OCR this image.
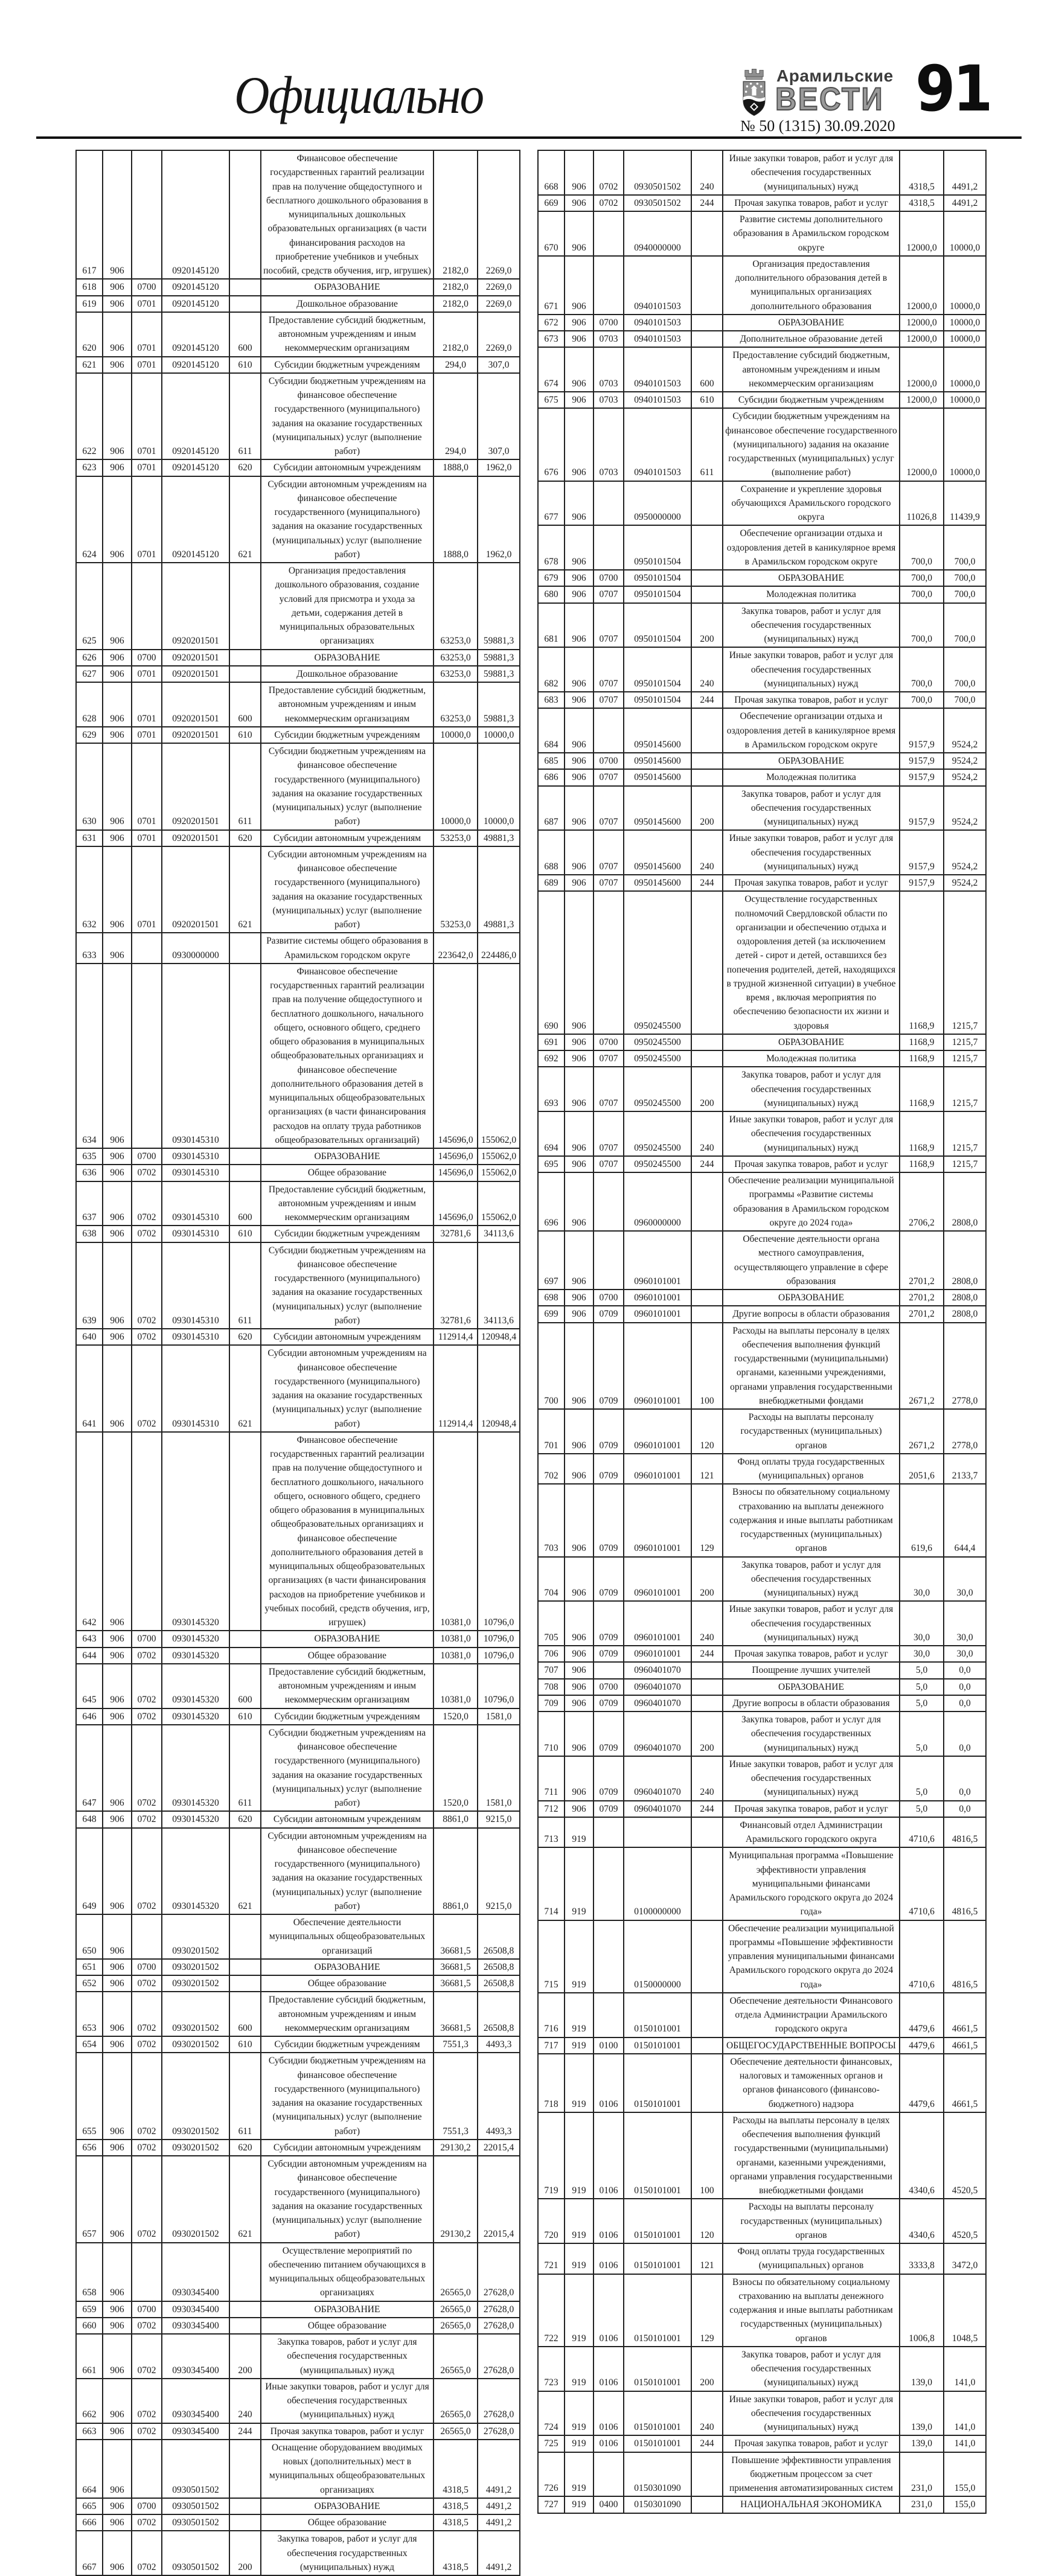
Официально	Арамильские
ВЕСТИ
№ 50 (1315) 30.09.2020
91
617	906		0920145120		Финансовое обеспечение государственных гарантий реализации прав на получение общедоступного и бесплатного дошкольного образования в муниципальных дошкольных образовательных организациях (в части финансирования расходов на приобретение учебников и учебных пособий, средств обучения, игр, игрушек)	2182,0	2269,0
618	906	0700	0920145120		ОБРАЗОВАНИЕ	2182,0	2269,0
619	906	0701	0920145120		Дошкольное образование	2182,0	2269,0
620	906	0701	0920145120	600	Предоставление субсидий бюджетным, автономным учреждениям и иным некоммерческим организациям	2182,0	2269,0
621	906	0701	0920145120	610	Субсидии бюджетным учреждениям	294,0	307,0
622	906	0701	0920145120	611	Субсидии бюджетным учреждениям на финансовое обеспечение государственного (муниципального) задания на оказание государственных (муниципальных) услуг (выполнение работ)	294,0	307,0
623	906	0701	0920145120	620	Субсидии автономным учреждениям	1888,0	1962,0
624	906	0701	0920145120	621	Субсидии автономным учреждениям на финансовое обеспечение государственного (муниципального) задания на оказание государственных (муниципальных) услуг (выполнение работ)	1888,0	1962,0
625	906		0920201501		Организация предоставления дошкольного образования, создание условий для присмотра и ухода за детьми, содержания детей в муниципальных образовательных организациях	63253,0	59881,3
626	906	0700	0920201501		ОБРАЗОВАНИЕ	63253,0	59881,3
627	906	0701	0920201501		Дошкольное образование	63253,0	59881,3
628	906	0701	0920201501	600	Предоставление субсидий бюджетным, автономным учреждениям и иным некоммерческим организациям	63253,0	59881,3
629	906	0701	0920201501	610	Субсидии бюджетным учреждениям	10000,0	10000,0
630	906	0701	0920201501	611	Субсидии бюджетным учреждениям на финансовое обеспечение государственного (муниципального) задания на оказание государственных (муниципальных) услуг (выполнение работ)	10000,0	10000,0
631	906	0701	0920201501	620	Субсидии автономным учреждениям	53253,0	49881,3
632	906	0701	0920201501	621	Субсидии автономным учреждениям на финансовое обеспечение государственного (муниципального) задания на оказание государственных (муниципальных) услуг (выполнение работ)	53253,0	49881,3
633	906		0930000000		Развитие системы общего образования в Арамильском городском округе	223642,0	224486,0
634	906		0930145310		Финансовое обеспечение государственных гарантий реализации прав на получение общедоступного и бесплатного дошкольного, начального общего, основного общего, среднего общего образования в муниципальных общеобразовательных организациях и финансовое обеспечение дополнительного образования детей в муниципальных общеобразовательных организациях (в части финансирования расходов на оплату труда работников общеобразовательных организаций)	145696,0	155062,0
635	906	0700	0930145310		ОБРАЗОВАНИЕ	145696,0	155062,0
636	906	0702	0930145310		Общее образование	145696,0	155062,0
637	906	0702	0930145310	600	Предоставление субсидий бюджетным, автономным учреждениям и иным некоммерческим организациям	145696,0	155062,0
638	906	0702	0930145310	610	Субсидии бюджетным учреждениям	32781,6	34113,6
639	906	0702	0930145310	611	Субсидии бюджетным учреждениям на финансовое обеспечение государственного (муниципального) задания на оказание государственных (муниципальных) услуг (выполнение работ)	32781,6	34113,6
640	906	0702	0930145310	620	Субсидии автономным учреждениям	112914,4	120948,4
641	906	0702	0930145310	621	Субсидии автономным учреждениям на финансовое обеспечение государственного (муниципального) задания на оказание государственных (муниципальных) услуг (выполнение работ)	112914,4	120948,4
642	906		0930145320		Финансовое обеспечение государственных гарантий реализации прав на получение общедоступного и бесплатного дошкольного, начального общего, основного общего, среднего общего образования в муниципальных общеобразовательных организациях и финансовое обеспечение дополнительного образования детей в муниципальных общеобразовательных организациях (в части финансирования расходов на приобретение учебников и учебных пособий, средств обучения, игр, игрушек)	10381,0	10796,0
643	906	0700	0930145320		ОБРАЗОВАНИЕ	10381,0	10796,0
644	906	0702	0930145320		Общее образование	10381,0	10796,0
645	906	0702	0930145320	600	Предоставление субсидий бюджетным, автономным учреждениям и иным некоммерческим организациям	10381,0	10796,0
646	906	0702	0930145320	610	Субсидии бюджетным учреждениям	1520,0	1581,0
647	906	0702	0930145320	611	Субсидии бюджетным учреждениям на финансовое обеспечение государственного (муниципального) задания на оказание государственных (муниципальных) услуг (выполнение работ)	1520,0	1581,0
648	906	0702	0930145320	620	Субсидии автономным учреждениям	8861,0	9215,0
649	906	0702	0930145320	621	Субсидии автономным учреждениям на финансовое обеспечение государственного (муниципального) задания на оказание государственных (муниципальных) услуг (выполнение работ)	8861,0	9215,0
650	906		0930201502		Обеспечение деятельности муниципальных общеобразовательных организаций	36681,5	26508,8
651	906	0700	0930201502		ОБРАЗОВАНИЕ	36681,5	26508,8
652	906	0702	0930201502		Общее образование	36681,5	26508,8
653	906	0702	0930201502	600	Предоставление субсидий бюджетным, автономным учреждениям и иным некоммерческим организациям	36681,5	26508,8
654	906	0702	0930201502	610	Субсидии бюджетным учреждениям	7551,3	4493,3
655	906	0702	0930201502	611	Субсидии бюджетным учреждениям на финансовое обеспечение государственного (муниципального) задания на оказание государственных (муниципальных) услуг (выполнение работ)	7551,3	4493,3
656	906	0702	0930201502	620	Субсидии автономным учреждениям	29130,2	22015,4
657	906	0702	0930201502	621	Субсидии автономным учреждениям на финансовое обеспечение государственного (муниципального) задания на оказание государственных (муниципальных) услуг (выполнение работ)	29130,2	22015,4
658	906		0930345400		Осуществление мероприятий по обеспечению питанием обучающихся в муниципальных общеобразовательных организациях	26565,0	27628,0
659	906	0700	0930345400		ОБРАЗОВАНИЕ	26565,0	27628,0
660	906	0702	0930345400		Общее образование	26565,0	27628,0
661	906	0702	0930345400	200	Закупка товаров, работ и услуг для обеспечения государственных (муниципальных) нужд	26565,0	27628,0
662	906	0702	0930345400	240	Иные закупки товаров, работ и услуг для обеспечения государственных (муниципальных) нужд	26565,0	27628,0
663	906	0702	0930345400	244	Прочая закупка товаров, работ и услуг	26565,0	27628,0
664	906		0930501502		Оснащение оборудованием вводимых новых (дополнительных) мест в муниципальных общеобразовательных организациях	4318,5	4491,2
665	906	0700	0930501502		ОБРАЗОВАНИЕ	4318,5	4491,2
666	906	0702	0930501502		Общее образование	4318,5	4491,2
667	906	0702	0930501502	200	Закупка товаров, работ и услуг для обеспечения государственных (муниципальных) нужд	4318,5	4491,2
668	906	0702	0930501502	240	Иные закупки товаров, работ и услуг для обеспечения государственных (муниципальных) нужд	4318,5	4491,2
669	906	0702	0930501502	244	Прочая закупка товаров, работ и услуг	4318,5	4491,2
670	906		0940000000		Развитие системы дополнительного образования в Арамильском городском округе	12000,0	10000,0
671	906		0940101503		Организация предоставления дополнительного образования детей в муниципальных организациях дополнительного образования	12000,0	10000,0
672	906	0700	0940101503		ОБРАЗОВАНИЕ	12000,0	10000,0
673	906	0703	0940101503		Дополнительное образование детей	12000,0	10000,0
674	906	0703	0940101503	600	Предоставление субсидий бюджетным, автономным учреждениям и иным некоммерческим организациям	12000,0	10000,0
675	906	0703	0940101503	610	Субсидии бюджетным учреждениям	12000,0	10000,0
676	906	0703	0940101503	611	Субсидии бюджетным учреждениям на финансовое обеспечение государственного (муниципального) задания на оказание государственных (муниципальных) услуг (выполнение работ)	12000,0	10000,0
677	906		0950000000		Сохранение и укрепление здоровья обучающихся Арамильского городского округа	11026,8	11439,9
678	906		0950101504		Обеспечение организации отдыха и оздоровления детей в каникулярное время в Арамильском городском округе	700,0	700,0
679	906	0700	0950101504		ОБРАЗОВАНИЕ	700,0	700,0
680	906	0707	0950101504		Молодежная политика	700,0	700,0
681	906	0707	0950101504	200	Закупка товаров, работ и услуг для обеспечения государственных (муниципальных) нужд	700,0	700,0
682	906	0707	0950101504	240	Иные закупки товаров, работ и услуг для обеспечения государственных (муниципальных) нужд	700,0	700,0
683	906	0707	0950101504	244	Прочая закупка товаров, работ и услуг	700,0	700,0
684	906		0950145600		Обеспечение организации отдыха и оздоровления детей в каникулярное время в Арамильском городском округе	9157,9	9524,2
685	906	0700	0950145600		ОБРАЗОВАНИЕ	9157,9	9524,2
686	906	0707	0950145600		Молодежная политика	9157,9	9524,2
687	906	0707	0950145600	200	Закупка товаров, работ и услуг для обеспечения государственных (муниципальных) нужд	9157,9	9524,2
688	906	0707	0950145600	240	Иные закупки товаров, работ и услуг для обеспечения государственных (муниципальных) нужд	9157,9	9524,2
689	906	0707	0950145600	244	Прочая закупка товаров, работ и услуг	9157,9	9524,2
690	906		0950245500		Осуществление государственных полномочий Свердловской области по организации и обеспечению отдыха и оздоровления детей (за исключением детей - сирот и детей, оставшихся без попечения родителей, детей, находящихся в трудной жизненной ситуации) в учебное время , включая мероприятия по обеспечению безопасности их жизни и здоровья	1168,9	1215,7
691	906	0700	0950245500		ОБРАЗОВАНИЕ	1168,9	1215,7
692	906	0707	0950245500		Молодежная политика	1168,9	1215,7
693	906	0707	0950245500	200	Закупка товаров, работ и услуг для обеспечения государственных (муниципальных) нужд	1168,9	1215,7
694	906	0707	0950245500	240	Иные закупки товаров, работ и услуг для обеспечения государственных (муниципальных) нужд	1168,9	1215,7
695	906	0707	0950245500	244	Прочая закупка товаров, работ и услуг	1168,9	1215,7
696	906		0960000000		Обеспечение реализации муниципальной программы «Развитие системы образования в Арамильском городском округе до 2024 года»	2706,2	2808,0
697	906		0960101001		Обеспечение деятельности органа местного самоуправления, осуществляющего управление в сфере образования	2701,2	2808,0
698	906	0700	0960101001		ОБРАЗОВАНИЕ	2701,2	2808,0
699	906	0709	0960101001		Другие вопросы в области образования	2701,2	2808,0
700	906	0709	0960101001	100	Расходы на выплаты персоналу в целях обеспечения выполнения функций государственными (муниципальными) органами, казенными учреждениями, органами управления государственными внебюджетными фондами	2671,2	2778,0
701	906	0709	0960101001	120	Расходы на выплаты персоналу государственных (муниципальных) органов	2671,2	2778,0
702	906	0709	0960101001	121	Фонд оплаты труда государственных (муниципальных) органов	2051,6	2133,7
703	906	0709	0960101001	129	Взносы по обязательному социальному страхованию на выплаты денежного содержания и иные выплаты работникам государственных (муниципальных) органов	619,6	644,4
704	906	0709	0960101001	200	Закупка товаров, работ и услуг для обеспечения государственных (муниципальных) нужд	30,0	30,0
705	906	0709	0960101001	240	Иные закупки товаров, работ и услуг для обеспечения государственных (муниципальных) нужд	30,0	30,0
706	906	0709	0960101001	244	Прочая закупка товаров, работ и услуг	30,0	30,0
707	906		0960401070		Поощрение лучших учителей	5,0	0,0
708	906	0700	0960401070		ОБРАЗОВАНИЕ	5,0	0,0
709	906	0709	0960401070		Другие вопросы в области образования	5,0	0,0
710	906	0709	0960401070	200	Закупка товаров, работ и услуг для обеспечения государственных (муниципальных) нужд	5,0	0,0
711	906	0709	0960401070	240	Иные закупки товаров, работ и услуг для обеспечения государственных (муниципальных) нужд	5,0	0,0
712	906	0709	0960401070	244	Прочая закупка товаров, работ и услуг	5,0	0,0
713	919				Финансовый отдел Администрации Арамильского городского округа	4710,6	4816,5
714	919		0100000000		Муниципальная программа «Повышение эффективности управления муниципальными финансами Арамильского городского округа до 2024 года»	4710,6	4816,5
715	919		0150000000		Обеспечение реализации муниципальной программы «Повышение эффективности управления муниципальными финансами Арамильского городского округа до 2024 года»	4710,6	4816,5
716	919		0150101001		Обеспечение деятельности Финансового отдела Администрации Арамильского городского округа	4479,6	4661,5
717	919	0100	0150101001		ОБЩЕГОСУДАРСТВЕННЫЕ ВОПРОСЫ	4479,6	4661,5
718	919	0106	0150101001		Обеспечение деятельности финансовых, налоговых и таможенных органов и органов финансового (финансово-бюджетного) надзора	4479,6	4661,5
719	919	0106	0150101001	100	Расходы на выплаты персоналу в целях обеспечения выполнения функций государственными (муниципальными) органами, казенными учреждениями, органами управления государственными внебюджетными фондами	4340,6	4520,5
720	919	0106	0150101001	120	Расходы на выплаты персоналу государственных (муниципальных) органов	4340,6	4520,5
721	919	0106	0150101001	121	Фонд оплаты труда государственных (муниципальных) органов	3333,8	3472,0
722	919	0106	0150101001	129	Взносы по обязательному социальному страхованию на выплаты денежного содержания и иные выплаты работникам государственных (муниципальных) органов	1006,8	1048,5
723	919	0106	0150101001	200	Закупка товаров, работ и услуг для обеспечения государственных (муниципальных) нужд	139,0	141,0
724	919	0106	0150101001	240	Иные закупки товаров, работ и услуг для обеспечения государственных (муниципальных) нужд	139,0	141,0
725	919	0106	0150101001	244	Прочая закупка товаров, работ и услуг	139,0	141,0
726	919		0150301090		Повышение эффективности управления бюджетным процессом за счет применения автоматизированных систем	231,0	155,0
727	919	0400	0150301090		НАЦИОНАЛЬНАЯ ЭКОНОМИКА	231,0	155,0
